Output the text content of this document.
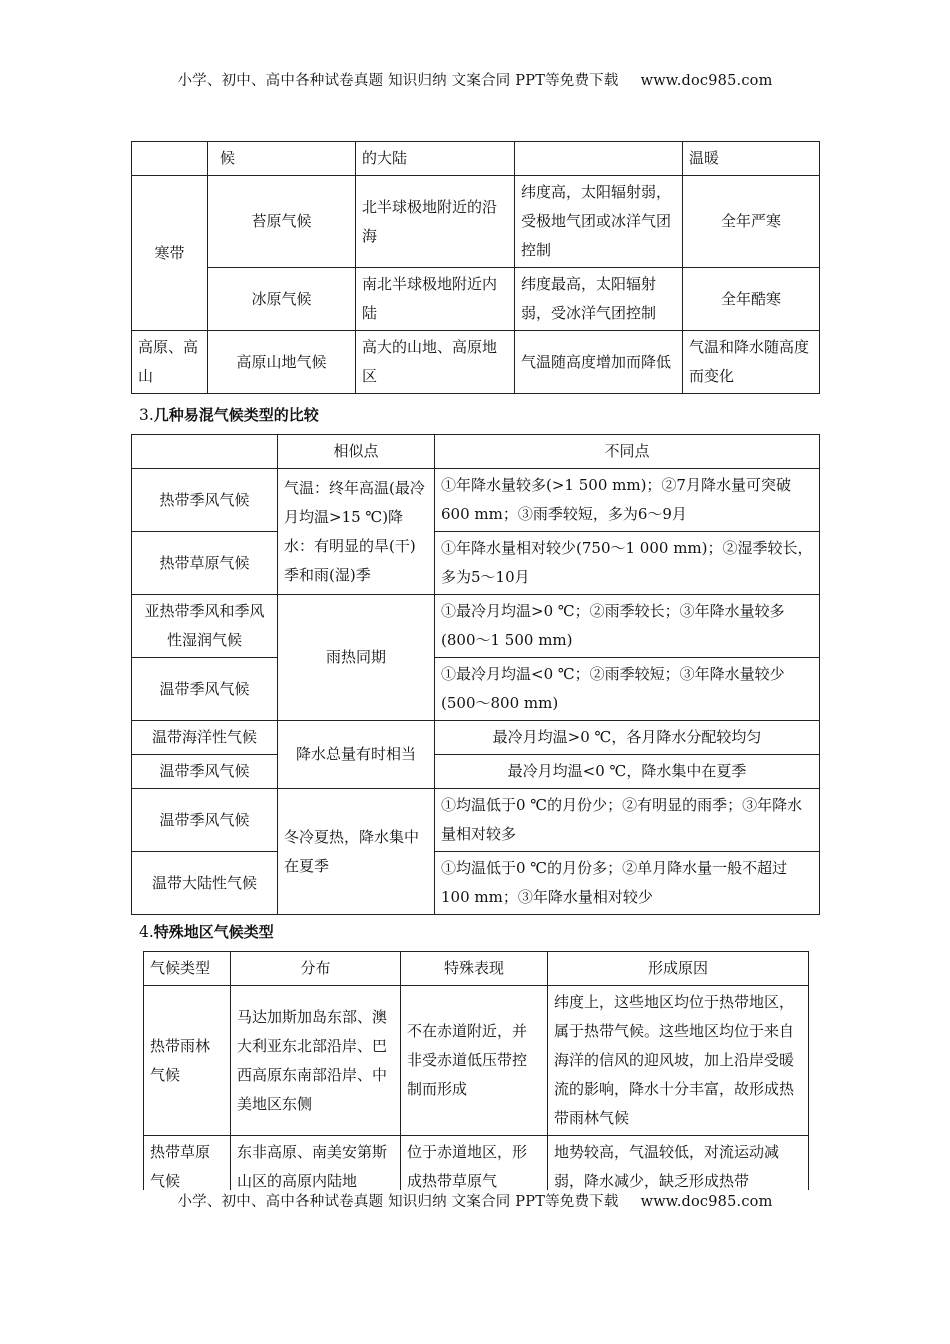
小学、初中、高中各种试卷真题 知识归纳 文案合同 PPT等免费下载 www.doc985.com
	候	的大陆		温暖
寒带	苔原气候	北半球极地附近的沿海	纬度高，太阳辐射弱，受极地气团或冰洋气团控制	全年严寒
	冰原气候	南北半球极地附近内陆	纬度最高，太阳辐射弱，受冰洋气团控制	全年酷寒
高原、高山	高原山地气候	高大的山地、高原地区	气温随高度增加而降低	气温和降水随高度而变化
3.几种易混气候类型的比较
	相似点	不同点
热带季风气候	气温：终年高温(最冷月均温>15 ℃)降水：有明显的旱(干)季和雨(湿)季	①年降水量较多(>1 500 mm)；②7月降水量可突破600 mm；③雨季较短，多为6～9月
热带草原气候		①年降水量相对较少(750～1 000 mm)；②湿季较长，多为5～10月
亚热带季风和季风性湿润气候	雨热同期	①最冷月均温>0 ℃；②雨季较长；③年降水量较多(800～1 500 mm)
温带季风气候		①最冷月均温<0 ℃；②雨季较短；③年降水量较少(500～800 mm)
温带海洋性气候	降水总量有时相当	最冷月均温>0 ℃，各月降水分配较均匀
温带季风气候		最冷月均温<0 ℃，降水集中在夏季
温带季风气候	冬冷夏热，降水集中在夏季	①均温低于0 ℃的月份少；②有明显的雨季；③年降水量相对较多
温带大陆性气候		①均温低于0 ℃的月份多；②单月降水量一般不超过100 mm；③年降水量相对较少
4.特殊地区气候类型
气候类型	分布	特殊表现	形成原因
热带雨林气候	马达加斯加岛东部、澳大利亚东北部沿岸、巴西高原东南部沿岸、中美地区东侧	不在赤道附近，并非受赤道低压带控制而形成	纬度上，这些地区均位于热带地区，属于热带气候。这些地区均位于来自海洋的信风的迎风坡，加上沿岸受暖流的影响，降水十分丰富，故形成热带雨林气候
热带草原气候	东非高原、南美安第斯山区的高原内陆地	位于赤道地区，形成热带草原气	地势较高，气温较低，对流运动减弱，降水减少，缺乏形成热带
小学、初中、高中各种试卷真题 知识归纳 文案合同 PPT等免费下载 www.doc985.com
